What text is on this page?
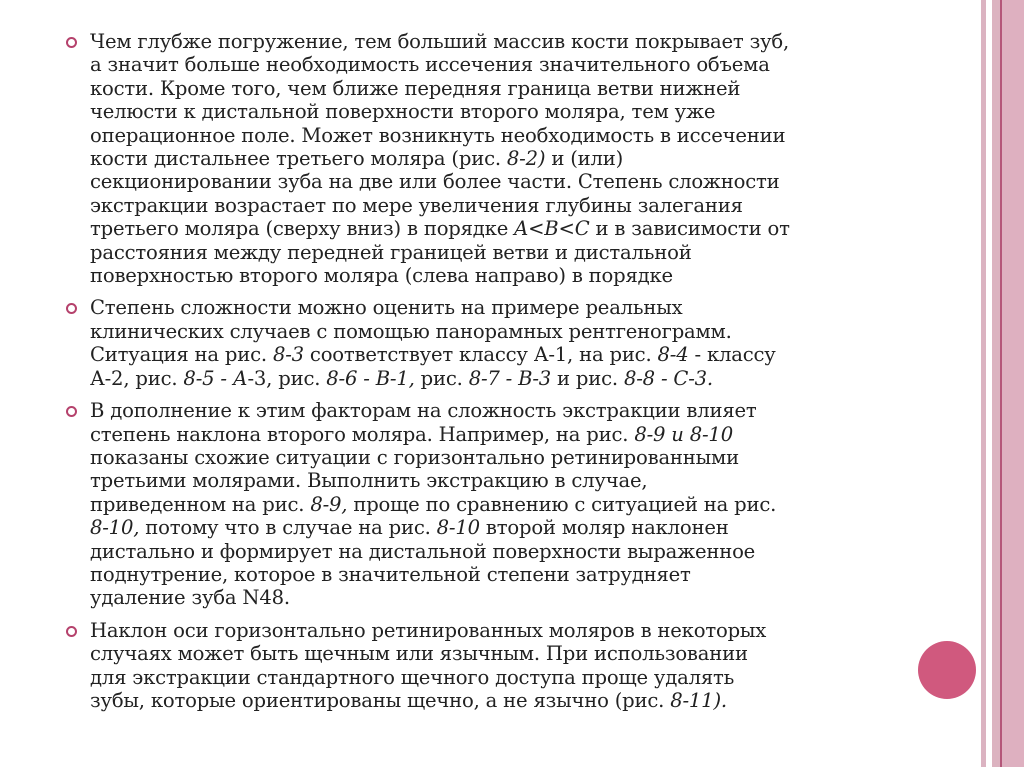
Чем глубже погружение, тем больший массив кости покрывает зуб,
а значит больше необходимость иссечения значительного объема
кости. Кроме того, чем ближе передняя граница ветви нижней
челюсти к дистальной поверхности второго моляра, тем уже
операционное поле. Может возникнуть необходимость в иссечении
кости дистальнее третьего моляра (рис. 8-2) и (или)
секционировании зуба на две или более части. Степень сложности
экстракции возрастает по мере увеличения глубины залегания
третьего моляра (сверху вниз) в порядке A<B<C и в зависимости от
расстояния между передней границей ветви и дистальной
поверхностью второго моляра (слева направо) в порядке
Степень сложности можно оценить на примере реальных
клинических случаев с помощью панорамных рентгенограмм.
Ситуация на рис. 8-3 соответствует классу А-1, на рис. 8-4 - классу
А-2, рис. 8-5 - А-3, рис. 8-6 - В-1, рис. 8-7 - В-3 и рис. 8-8 - С-3.
В дополнение к этим факторам на сложность экстракции влияет
степень наклона второго моляра. Например, на рис. 8-9 и 8-10
показаны схожие ситуации с горизонтально ретинированными
третьими молярами. Выполнить экстракцию в случае,
приведенном на рис. 8-9, проще по сравнению с ситуацией на рис.
8-10, потому что в случае на рис. 8-10 второй моляр наклонен
дистально и формирует на дистальной поверхности выраженное
поднутрение, которое в значительной степени затрудняет
удаление зуба N48.
Наклон оси горизонтально ретинированных моляров в некоторых
случаях может быть щечным или язычным. При использовании
для экстракции стандартного щечного доступа проще удалять
зубы, которые ориентированы щечно, а не язычно (рис. 8-11).
